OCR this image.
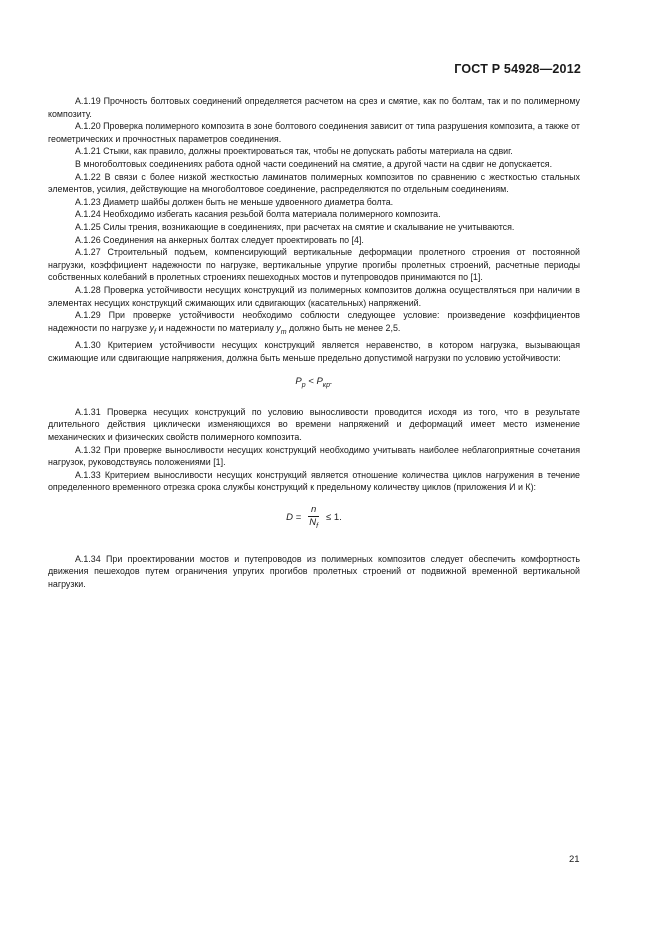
ГОСТ Р 54928—2012

А.1.19 Прочность болтовых соединений определяется расчетом на срез и смятие, как по болтам, так и по полимерному композиту.

А.1.20 Проверка полимерного композита в зоне болтового соединения зависит от типа разрушения композита, а также от геометрических и прочностных параметров соединения.

А.1.21 Стыки, как правило, должны проектироваться так, чтобы не допускать работы материала на сдвиг.

В многоболтовых соединениях работа одной части соединений на смятие, а другой части на сдвиг не допускается.

А.1.22 В связи с более низкой жесткостью ламинатов полимерных композитов по сравнению с жесткостью стальных элементов, усилия, действующие на многоболтовое соединение, распределяются по отдельным соединениям.

А.1.23 Диаметр шайбы должен быть не меньше удвоенного диаметра болта.

А.1.24 Необходимо избегать касания резьбой болта материала полимерного композита.

А.1.25 Силы трения, возникающие в соединениях, при расчетах на смятие и скалывание не учитываются.

А.1.26 Соединения на анкерных болтах следует проектировать по [4].

А.1.27 Строительный подъем, компенсирующий вертикальные деформации пролетного строения от постоянной нагрузки, коэффициент надежности по нагрузке, вертикальные упругие прогибы пролетных строений, расчетные периоды собственных колебаний в пролетных строениях пешеходных мостов и путепроводов принимаются по [1].

А.1.28 Проверка устойчивости несущих конструкций из полимерных композитов должна осуществляться при наличии в элементах несущих конструкций сжимающих или сдвигающих (касательных) напряжений.

А.1.29 При проверке устойчивости необходимо соблюсти следующее условие: произведение коэффициентов надежности по нагрузке $y_f$ и надежности по материалу $y_m$ должно быть не менее 2,5.

А.1.30 Критерием устойчивости несущих конструкций является неравенство, в котором нагрузка, вызывающая сжимающие или сдвигающие напряжения, должна быть меньше предельно допустимой нагрузки по условию устойчивости:

$P_p < P_{кр}$.

А.1.31 Проверка несущих конструкций по условию выносливости проводится исходя из того, что в результате длительного действия циклически изменяющихся во времени напряжений и деформаций имеет место изменение механических и физических свойств полимерного композита.

А.1.32 При проверке выносливости несущих конструкций необходимо учитывать наиболее неблагоприятные сочетания нагрузок, руководствуясь положениями [1].

А.1.33 Критерием выносливости несущих конструкций является отношение количества циклов нагружения в течение определенного временного отрезка срока службы конструкций к предельному количеству циклов (приложения И и К):

$D = \frac{n}{N_f} \le 1$.

А.1.34 При проектировании мостов и путепроводов из полимерных композитов следует обеспечить комфортность движения пешеходов путем ограничения упругих прогибов пролетных строений от подвижной временной вертикальной нагрузки.

21
